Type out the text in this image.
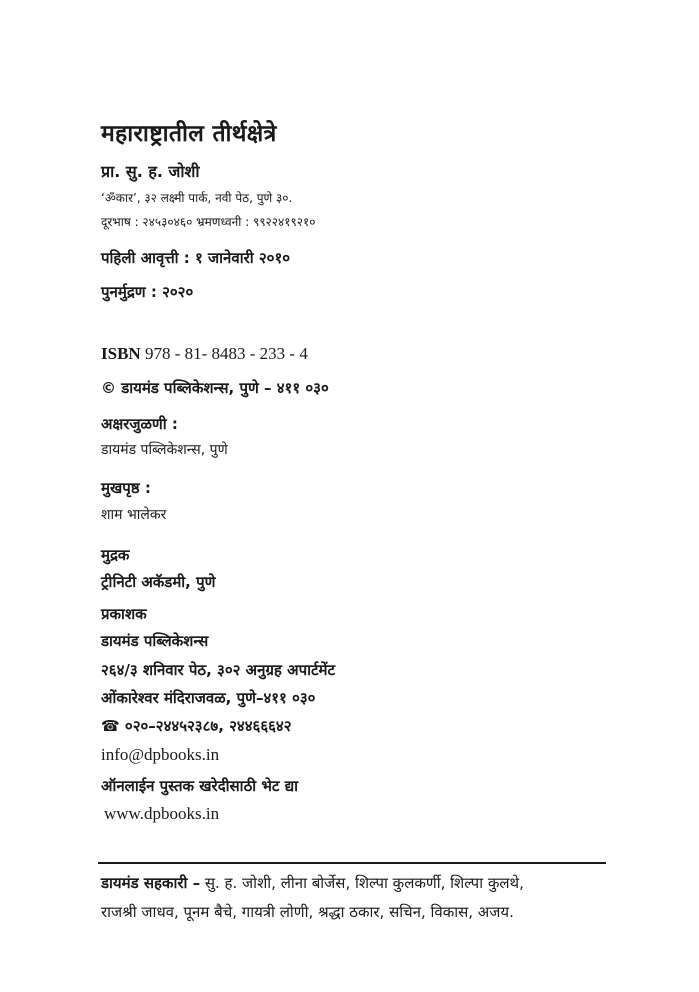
महाराष्ट्रातील तीर्थक्षेत्रे
प्रा. सु. ह. जोशी
‘ॐकार’, ३२ लक्ष्मी पार्क, नवी पेठ, पुणे ३०.
दूरभाष : २४५३०४६० भ्रमणध्वनी : ९९२२४१९२१०
पहिली आवृत्ती : १ जानेवारी २०१०
पुनर्मुद्रण : २०२०
ISBN 978 - 81- 8483 - 233 - 4
© डायमंड पब्लिकेशन्स, पुणे – ४११ ०३०
अक्षरजुळणी :
डायमंड पब्लिकेशन्स, पुणे
मुखपृष्ठ :
शाम भालेकर
मुद्रक
ट्रीनिटी अकॅडमी, पुणे
प्रकाशक
डायमंड पब्लिकेशन्स
२६४/३ शनिवार पेठ, ३०२ अनुग्रह अपार्टमेंट
ओंकारेश्वर मंदिराजवळ, पुणे–४११ ०३०
☎ ०२०–२४४५२३८७, २४४६६६४२
info@dpbooks.in
ऑनलाईन पुस्तक खरेदीसाठी भेट द्या
www.dpbooks.in
डायमंड सहकारी – सु. ह. जोशी, लीना बोर्जेस, शिल्पा कुलकर्णी, शिल्पा कुलथे,
राजश्री जाधव, पूनम बैचे, गायत्री लोणी, श्रद्धा ठकार, सचिन, विकास, अजय.
